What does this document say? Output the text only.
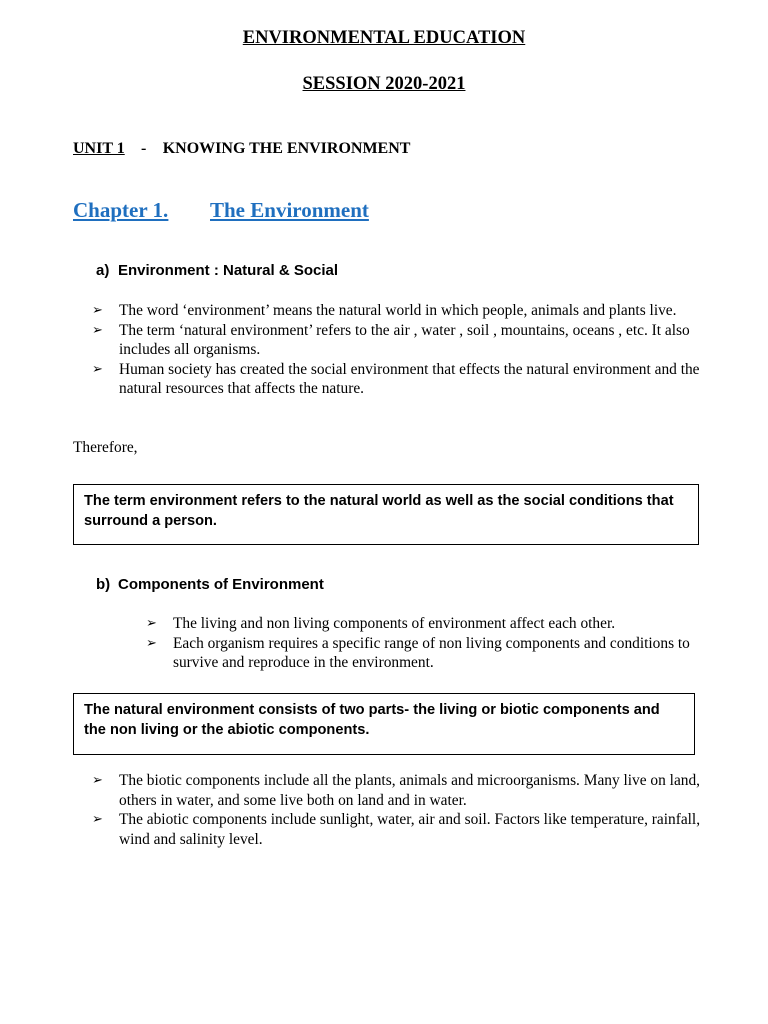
ENVIRONMENTAL EDUCATION
SESSION 2020-2021
UNIT 1 - KNOWING THE ENVIRONMENT
Chapter 1. The Environment
a) Environment : Natural & Social
➢ The word ‘environment’ means the natural world in which people, animals and plants live.
➢ The term ‘natural environment’ refers to the air , water , soil , mountains, oceans , etc. It also includes all organisms.
➢ Human society has created the social environment that effects the natural environment and the natural resources that affects the nature.
Therefore,
The term environment refers to the natural world as well as the social conditions that surround a person.
b) Components of Environment
➢ The living and non living components of environment affect each other.
➢ Each organism requires a specific range of non living components and conditions to survive and reproduce in the environment.
The natural environment consists of two parts- the living or biotic components and the non living or the abiotic components.
➢ The biotic components include all the plants, animals and microorganisms. Many live on land, others in water, and some live both on land and in water.
➢ The abiotic components include sunlight, water, air and soil. Factors like temperature, rainfall, wind and salinity level.
